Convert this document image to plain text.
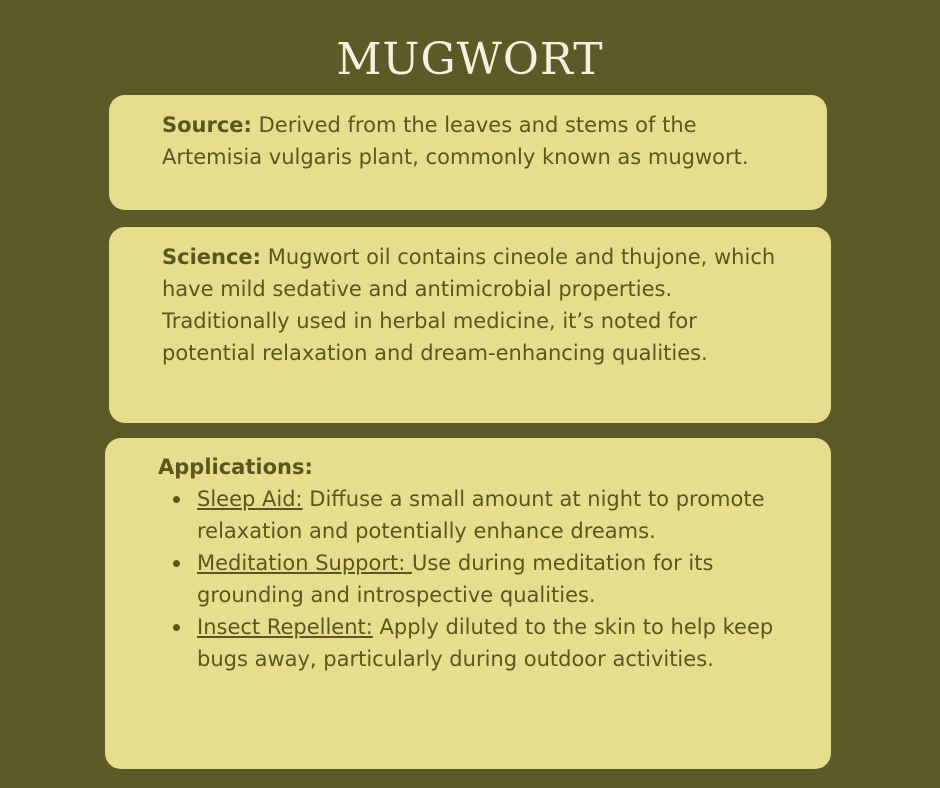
MUGWORT
Source: Derived from the leaves and stems of the Artemisia vulgaris plant, commonly known as mugwort.
Science: Mugwort oil contains cineole and thujone, which have mild sedative and antimicrobial properties. Traditionally used in herbal medicine, it’s noted for potential relaxation and dream-enhancing qualities.
Applications:
Sleep Aid: Diffuse a small amount at night to promote relaxation and potentially enhance dreams.
Meditation Support: Use during meditation for its grounding and introspective qualities.
Insect Repellent: Apply diluted to the skin to help keep bugs away, particularly during outdoor activities.
